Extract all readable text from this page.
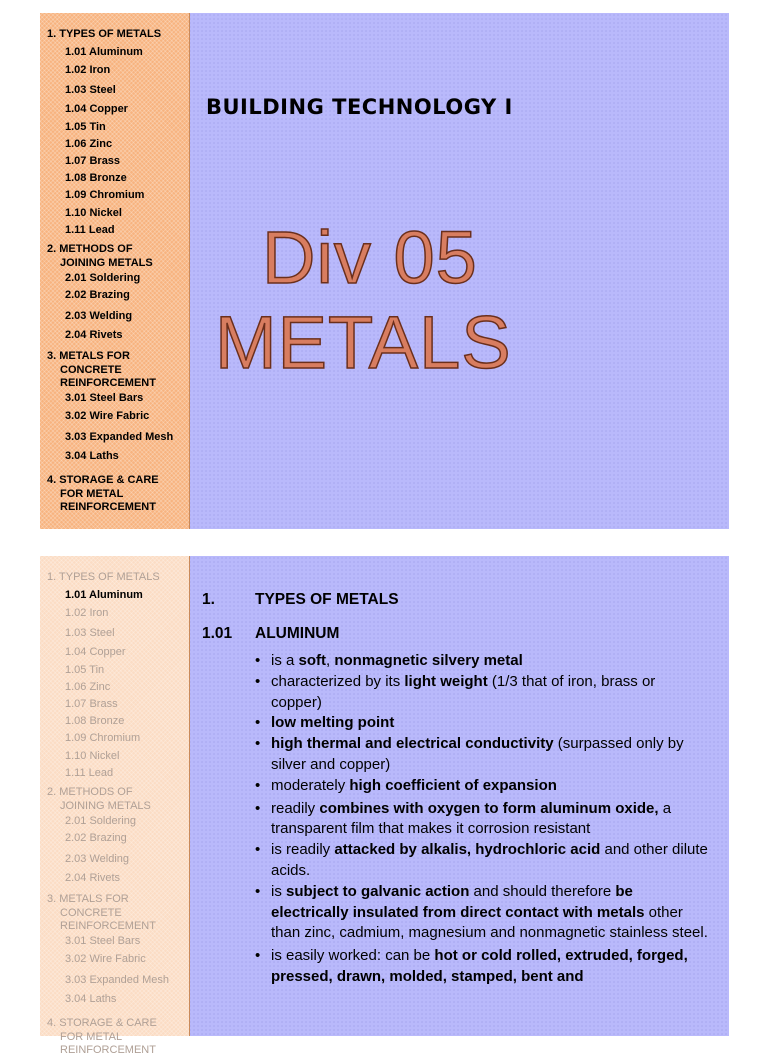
1. TYPES OF METALS
1.01 Aluminum
1.02 Iron
1.03 Steel
1.04 Copper
1.05 Tin
1.06 Zinc
1.07 Brass
1.08 Bronze
1.09 Chromium
1.10 Nickel
1.11 Lead
2. METHODS OF
JOINING METALS
2.01 Soldering
2.02 Brazing
2.03 Welding
2.04 Rivets
3. METALS FOR
CONCRETE
REINFORCEMENT
3.01 Steel Bars
3.02 Wire Fabric
3.03 Expanded Mesh
3.04 Laths
4. STORAGE & CARE
FOR METAL
REINFORCEMENT
BUILDING TECHNOLOGY I
Div 05
METALS
1. TYPES OF METALS
1.01 Aluminum
1.02 Iron
1.03 Steel
1.04 Copper
1.05 Tin
1.06 Zinc
1.07 Brass
1.08 Bronze
1.09 Chromium
1.10 Nickel
1.11 Lead
2. METHODS OF
JOINING METALS
2.01 Soldering
2.02 Brazing
2.03 Welding
2.04 Rivets
3. METALS FOR
CONCRETE
REINFORCEMENT
3.01 Steel Bars
3.02 Wire Fabric
3.03 Expanded Mesh
3.04 Laths
4. STORAGE & CARE
FOR METAL
REINFORCEMENT
1.	TYPES OF METALS
1.01 ALUMINUM
• is a soft, nonmagnetic silvery metal
• characterized by its light weight (1/3 that of iron, brass or copper)
• low melting point
• high thermal and electrical conductivity (surpassed only by silver and copper)
• moderately high coefficient of expansion
• readily combines with oxygen to form aluminum oxide, a transparent film that makes it corrosion resistant
• is readily attacked by alkalis, hydrochloric acid and other dilute acids.
• is subject to galvanic action and should therefore be electrically insulated from direct contact with metals other than zinc, cadmium, magnesium and nonmagnetic stainless steel.
• is easily worked: can be hot or cold rolled, extruded, forged, pressed, drawn, molded, stamped, bent and
